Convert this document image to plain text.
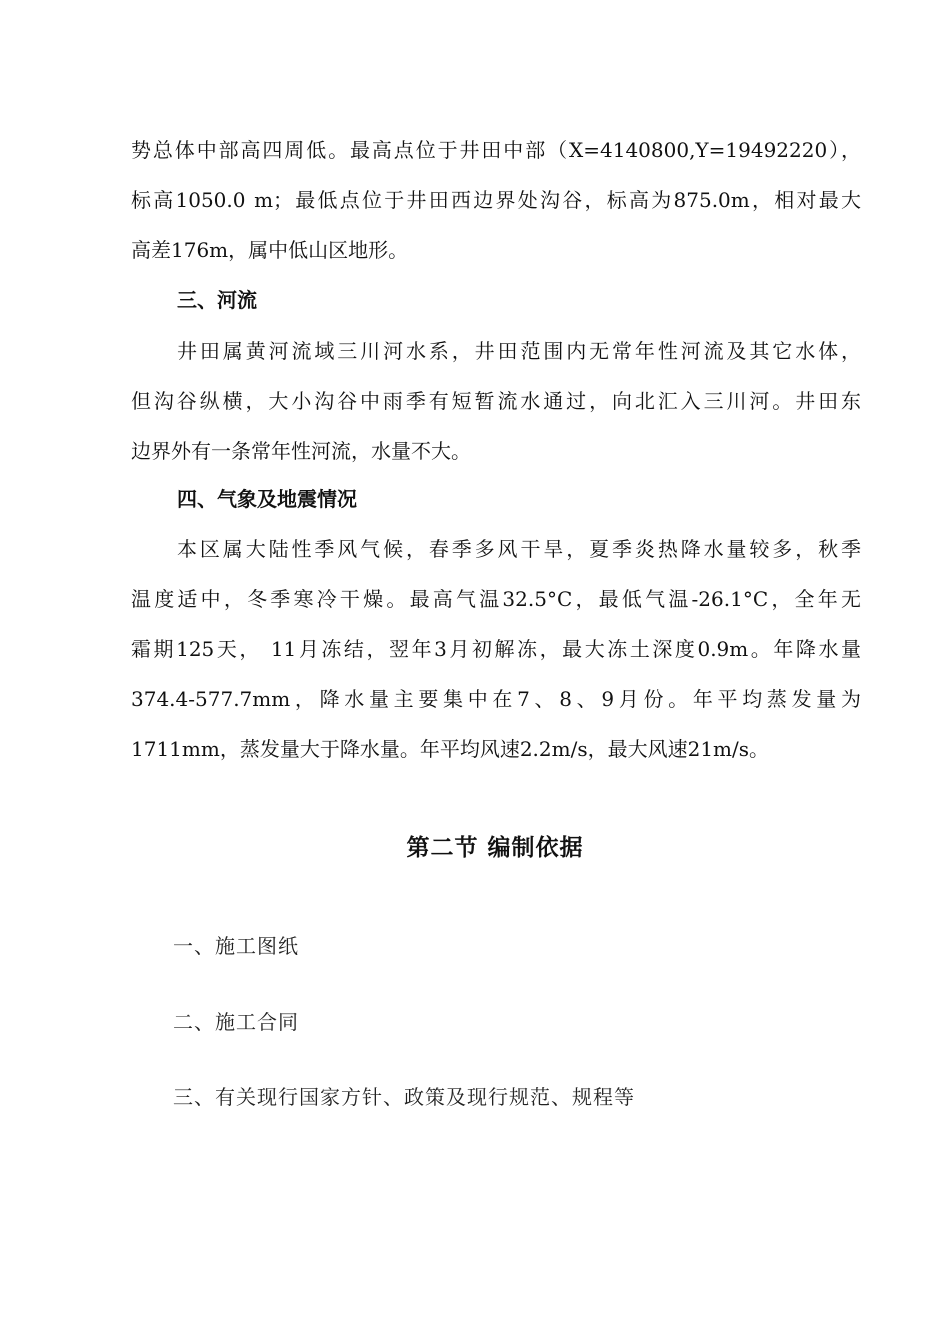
势总体中部高四周低。最高点位于井田中部（X=4140800,Y=19492220），
标高1050.0 m；最低点位于井田西边界处沟谷，标高为875.0m，相对最大
高差176m，属中低山区地形。

三、河流

井田属黄河流域三川河水系，井田范围内无常年性河流及其它水体，
但沟谷纵横，大小沟谷中雨季有短暂流水通过，向北汇入三川河。井田东
边界外有一条常年性河流，水量不大。

四、气象及地震情况

本区属大陆性季风气候，春季多风干旱，夏季炎热降水量较多，秋季
温度适中，冬季寒冷干燥。最高气温32.5°C，最低气温-26.1°C，全年无
霜期125天， 11月冻结，翌年3月初解冻，最大冻土深度0.9m。年降水量
374.4-577.7mm，降水量主要集中在7、8、9月份。年平均蒸发量为
1711mm，蒸发量大于降水量。年平均风速2.2m/s，最大风速21m/s。

第二节 编制依据

一、施工图纸

二、施工合同

三、有关现行国家方针、政策及现行规范、规程等
